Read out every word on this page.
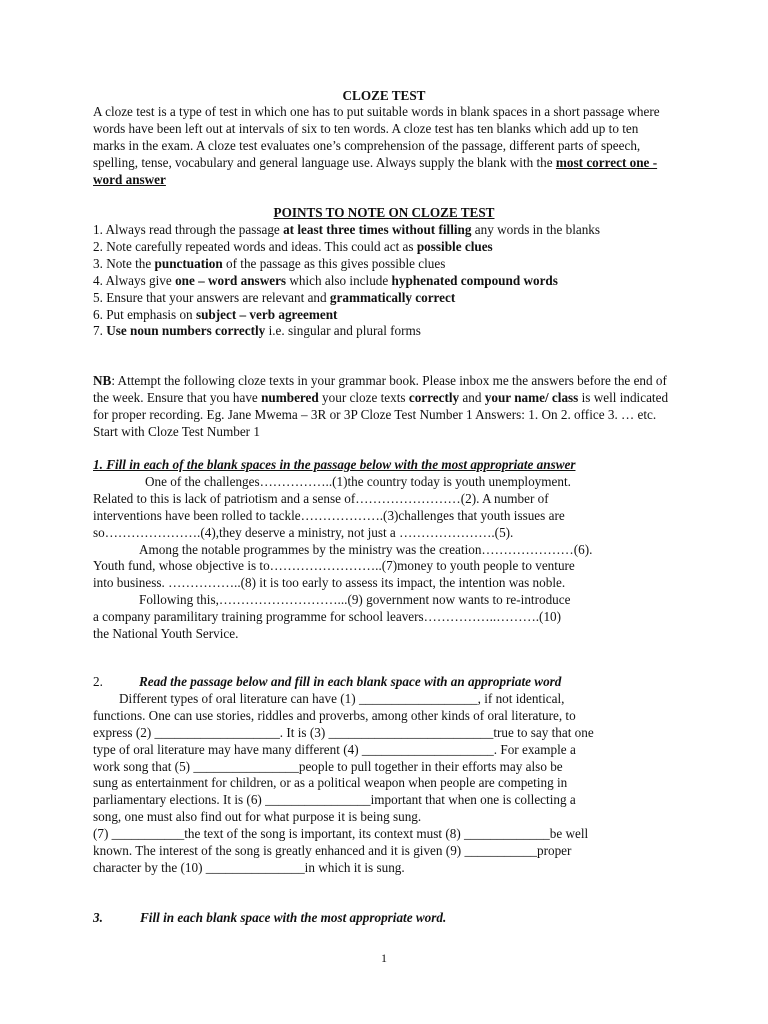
CLOZE TEST

A cloze test is a type of test in which one has to put suitable words in blank spaces in a short passage where words have been left out at intervals of six to ten words. A cloze test has ten blanks which add up to ten marks in the exam. A cloze test evaluates one’s comprehension of the passage, different parts of speech, spelling, tense, vocabulary and general language use. Always supply the blank with the most correct one - word answer

POINTS TO NOTE ON CLOZE TEST

1. Always read through the passage at least three times without filling any words in the blanks
2. Note carefully repeated words and ideas. This could act as possible clues
3. Note the punctuation of the passage as this gives possible clues
4. Always give one – word answers which also include hyphenated compound words
5. Ensure that your answers are relevant and grammatically correct
6. Put emphasis on subject – verb agreement
7. Use noun numbers correctly i.e. singular and plural forms

NB: Attempt the following cloze texts in your grammar book. Please inbox me the answers before the end of the week. Ensure that you have numbered your cloze texts correctly and your name/ class is well indicated for proper recording. Eg. Jane Mwema – 3R or 3P Cloze Test Number 1 Answers: 1. On 2. office 3. … etc. Start with Cloze Test Number 1

1. Fill in each of the blank spaces in the passage below with the most appropriate answer
One of the challenges……………..(1)the country today is youth unemployment.
Related to this is lack of patriotism and a sense of……………………(2). A number of
interventions have been rolled to tackle……………….(3)challenges that youth issues are
so………………….(4),they deserve a ministry, not just a ………………….(5).
Among the notable programmes by the ministry was the creation…………………(6).
Youth fund, whose objective is to……………………..(7)money to youth people to venture
into business. ……………..(8) it is too early to assess its impact, the intention was noble.
Following this,………………………...(9) government now wants to re-introduce
a company paramilitary training programme for school leavers……………..……….(10)
the National Youth Service.
2.	Read the passage below and fill in each blank space with an appropriate word
Different types of oral literature can have (1) __________________, if not identical,
functions. One can use stories, riddles and proverbs, among other kinds of oral literature, to
express (2) ___________________. It is (3) _________________________true to say that one
type of oral literature may have many different (4) ____________________. For example a
work song that (5) ________________people to pull together in their efforts may also be
sung as entertainment for children, or as a political weapon when people are competing in
parliamentary elections. It is (6) ________________important that when one is collecting a
song, one must also find out for what purpose it is being sung.
(7) ___________the text of the song is important, its context must (8) _____________be well
known. The interest of the song is greatly enhanced and it is given (9) ___________proper
character by the (10) _______________in which it is sung.
3.	Fill in each blank space with the most appropriate word.
1
